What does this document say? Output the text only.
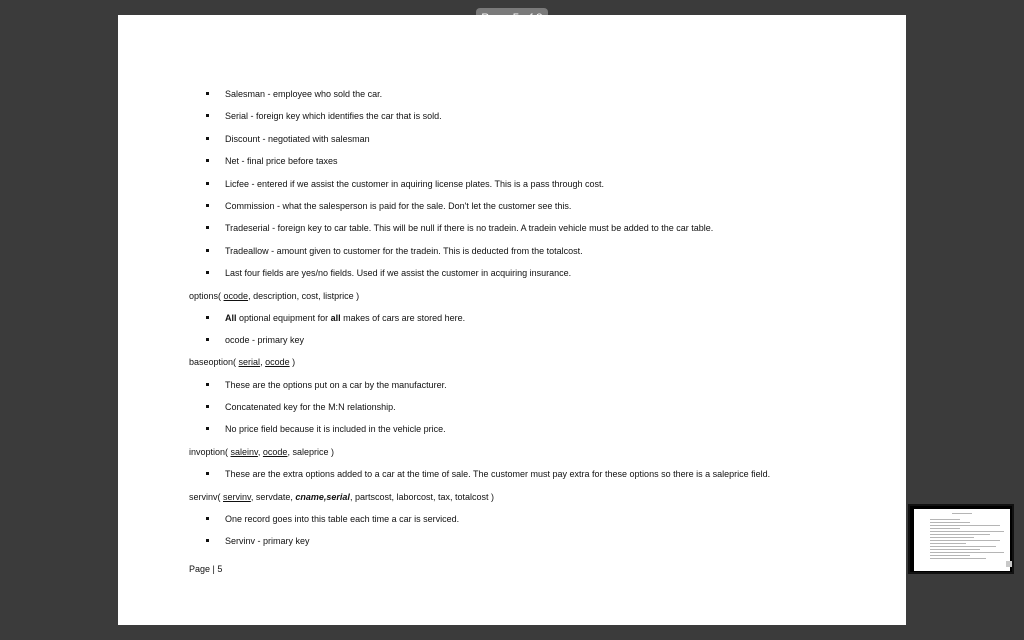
Salesman - employee who sold the car.
Serial - foreign key which identifies the car that is sold.
Discount - negotiated with salesman
Net - final price before taxes
Licfee - entered if we assist the customer in aquiring license plates. This is a pass through cost.
Commission - what the salesperson is paid for the sale. Don't let the customer see this.
Tradeserial - foreign key to car table. This will be null if there is no tradein. A tradein vehicle must be added to the car table.
Tradeallow - amount given to customer for the tradein. This is deducted from the totalcost.
Last four fields are yes/no fields. Used if we assist the customer in acquiring insurance.
options( ocode, description, cost, listprice )
All optional equipment for all makes of cars are stored here.
ocode - primary key
baseoption( serial, ocode )
These are the options put on a car by the manufacturer.
Concatenated key for the M:N relationship.
No price field because it is included in the vehicle price.
invoption( saleinv, ocode, saleprice )
These are the extra options added to a car at the time of sale. The customer must pay extra for these options so there is a saleprice field.
servinv( servinv, servdate, cname,serial, partscost, laborcost, tax, totalcost )
One record goes into this table each time a car is serviced.
Servinv - primary key
Page | 5
